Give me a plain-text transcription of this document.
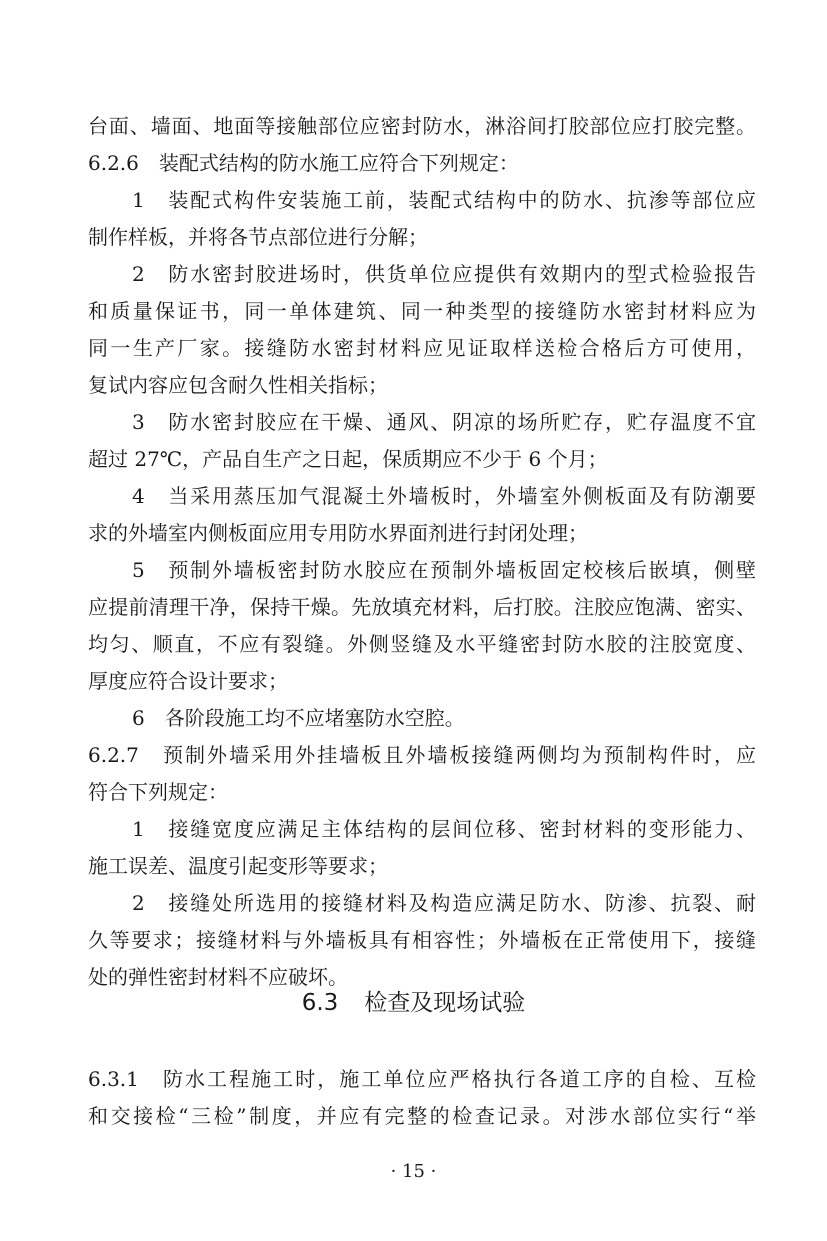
台面、墙面、地面等接触部位应密封防水，淋浴间打胶部位应打胶完整。
6.2.6　装配式结构的防水施工应符合下列规定：
1　装配式构件安装施工前，装配式结构中的防水、抗渗等部位应
制作样板，并将各节点部位进行分解；
2　防水密封胶进场时，供货单位应提供有效期内的型式检验报告
和质量保证书，同一单体建筑、同一种类型的接缝防水密封材料应为
同一生产厂家。接缝防水密封材料应见证取样送检合格后方可使用，
复试内容应包含耐久性相关指标；
3　防水密封胶应在干燥、通风、阴凉的场所贮存，贮存温度不宜
超过 27℃，产品自生产之日起，保质期应不少于 6 个月；
4　当采用蒸压加气混凝土外墙板时，外墙室外侧板面及有防潮要
求的外墙室内侧板面应用专用防水界面剂进行封闭处理；
5　预制外墙板密封防水胶应在预制外墙板固定校核后嵌填，侧壁
应提前清理干净，保持干燥。先放填充材料，后打胶。注胶应饱满、密实、
均匀、顺直，不应有裂缝。外侧竖缝及水平缝密封防水胶的注胶宽度、
厚度应符合设计要求；
6　各阶段施工均不应堵塞防水空腔。
6.2.7　预制外墙采用外挂墙板且外墙板接缝两侧均为预制构件时，应
符合下列规定：
1　接缝宽度应满足主体结构的层间位移、密封材料的变形能力、
施工误差、温度引起变形等要求；
2　接缝处所选用的接缝材料及构造应满足防水、防渗、抗裂、耐
久等要求；接缝材料与外墙板具有相容性；外墙板在正常使用下，接缝
处的弹性密封材料不应破坏。
6.3 检查及现场试验
6.3.1　防水工程施工时，施工单位应严格执行各道工序的自检、互检
和交接检“三检”制度，并应有完整的检查记录。对涉水部位实行“举
· 15 ·
